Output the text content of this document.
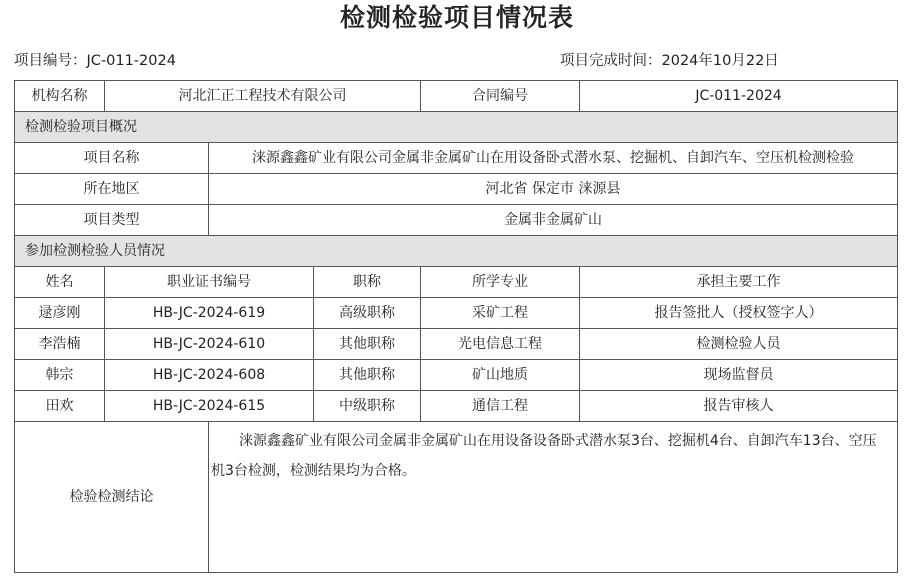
检测检验项目情况表
项目编号：JC-011-2024	项目完成时间：2024年10月22日
机构名称	河北汇正工程技术有限公司			合同编号	JC-011-2024
检测检验项目概况					
项目名称		涞源鑫鑫矿业有限公司金属非金属矿山在用设备卧式潜水泵、挖掘机、自卸汽车、空压机检测检验			
所在地区		河北省 保定市 涞源县			
项目类型		金属非金属矿山			
参加检测检验人员情况					
姓名	职业证书编号		职称	所学专业	承担主要工作
逯彦刚	HB-JC-2024-619		高级职称	采矿工程	报告签批人（授权签字人）
李浩楠	HB-JC-2024-610		其他职称	光电信息工程	检测检验人员
韩宗	HB-JC-2024-608		其他职称	矿山地质	现场监督员
田欢	HB-JC-2024-615		中级职称	通信工程	报告审核人
检验检测结论		涞源鑫鑫矿业有限公司金属非金属矿山在用设备设备卧式潜水泵3台、挖掘机4台、自卸汽车13台、空压机3台检测，检测结果均为合格。			
